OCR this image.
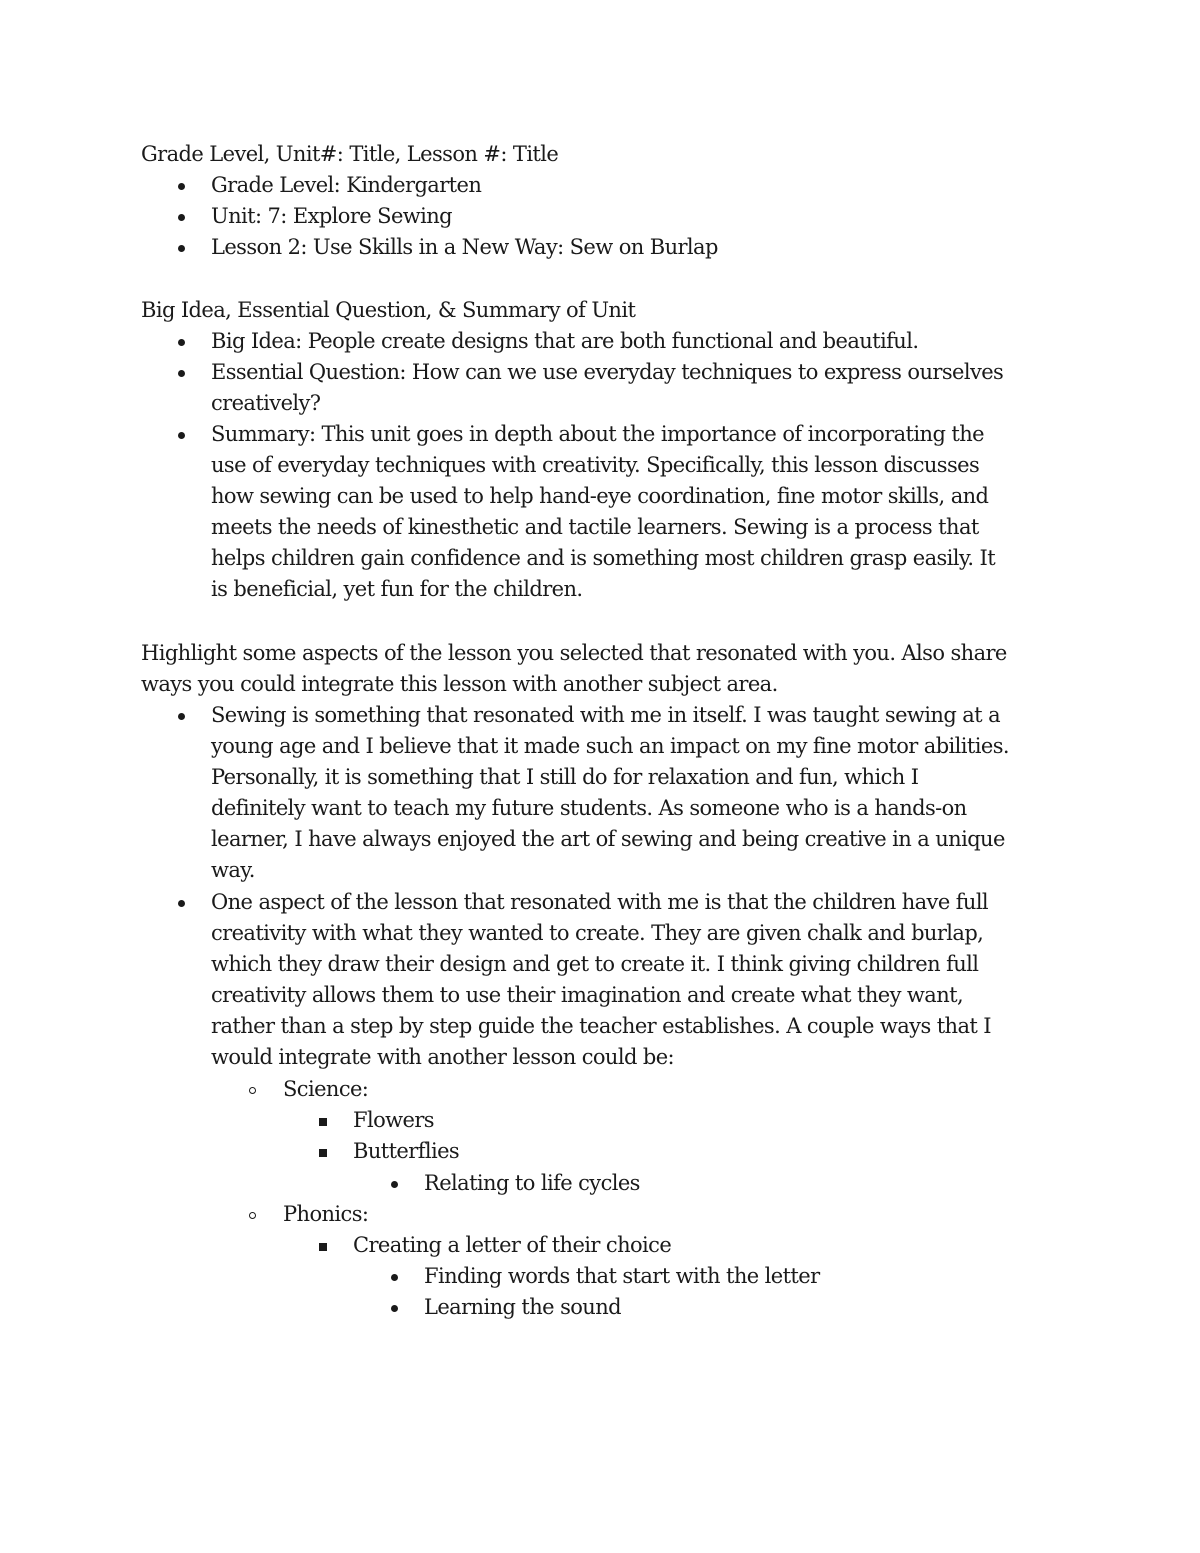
Grade Level, Unit#: Title, Lesson #: Title
Grade Level: Kindergarten
Unit: 7: Explore Sewing
Lesson 2: Use Skills in a New Way: Sew on Burlap
Big Idea, Essential Question, & Summary of Unit
Big Idea: People create designs that are both functional and beautiful.
Essential Question: How can we use everyday techniques to express ourselves
creatively?
Summary: This unit goes in depth about the importance of incorporating the
use of everyday techniques with creativity. Specifically, this lesson discusses
how sewing can be used to help hand-eye coordination, fine motor skills, and
meets the needs of kinesthetic and tactile learners. Sewing is a process that
helps children gain confidence and is something most children grasp easily. It
is beneficial, yet fun for the children.
Highlight some aspects of the lesson you selected that resonated with you. Also share
ways you could integrate this lesson with another subject area.
Sewing is something that resonated with me in itself. I was taught sewing at a
young age and I believe that it made such an impact on my fine motor abilities.
Personally, it is something that I still do for relaxation and fun, which I
definitely want to teach my future students. As someone who is a hands-on
learner, I have always enjoyed the art of sewing and being creative in a unique
way.
One aspect of the lesson that resonated with me is that the children have full
creativity with what they wanted to create. They are given chalk and burlap,
which they draw their design and get to create it. I think giving children full
creativity allows them to use their imagination and create what they want,
rather than a step by step guide the teacher establishes. A couple ways that I
would integrate with another lesson could be:
Science:
Flowers
Butterflies
Relating to life cycles
Phonics:
Creating a letter of their choice
Finding words that start with the letter
Learning the sound
